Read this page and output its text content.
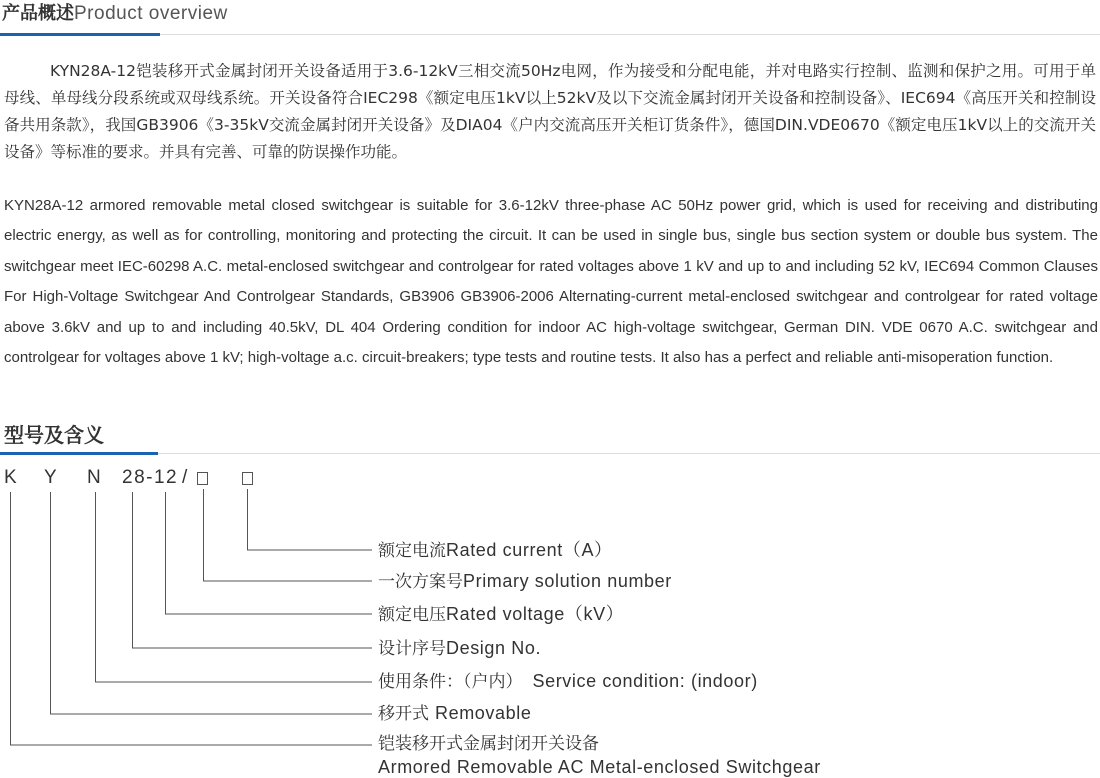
产品概述Product overview

KYN28A-12铠装移开式金属封闭开关设备适用于3.6-12kV三相交流50Hz电网，作为接受和分配电能，并对电路实行控制、监测和保护之用。可用于单母线、单母线分段系统或双母线系统。开关设备符合IEC298《额定电压1kV以上52kV及以下交流金属封闭开关设备和控制设备》、IEC694《高压开关和控制设备共用条款》，我国GB3906《3-35kV交流金属封闭开关设备》及DIA04《户内交流高压开关柜订货条件》，德国DIN.VDE0670《额定电压1kV以上的交流开关设备》等标准的要求。并具有完善、可靠的防误操作功能。

KYN28A-12 armored removable metal closed switchgear is suitable for 3.6-12kV three-phase AC 50Hz power grid, which is used for receiving and distributing electric energy, as well as for controlling, monitoring and protecting the circuit. It can be used in single bus, single bus section system or double bus system. The switchgear meet IEC-60298 A.C. metal-enclosed switchgear and controlgear for rated voltages above 1 kV and up to and including 52 kV, IEC694 Common Clauses For High-Voltage Switchgear And Controlgear Standards, GB3906 GB3906-2006 Alternating-current metal-enclosed switchgear and controlgear for rated voltage above 3.6kV and up to and including 40.5kV, DL 404 Ordering condition for indoor AC high-voltage switchgear, German DIN. VDE 0670 A.C. switchgear and controlgear for voltages above 1 kV; high-voltage a.c. circuit-breakers; type tests and routine tests. It also has a perfect and reliable anti-misoperation function.

型号及含义
K Y N 28-12 /
额定电流Rated current（A）
一次方案号Primary solution number
额定电压Rated voltage（kV）
设计序号Design No.
使用条件：（户内） Service condition: (indoor)
移开式 Removable
铠装移开式金属封闭开关设备
Armored Removable AC Metal-enclosed Switchgear
